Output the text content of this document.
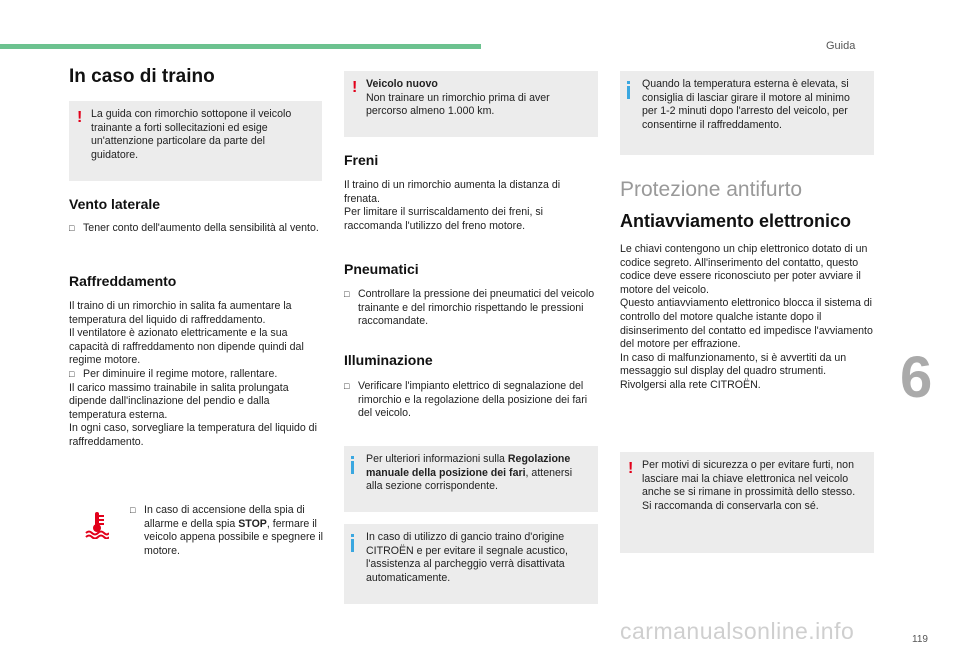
Guida
6
119
carmanualsonline.info
In caso di traino
! La guida con rimorchio sottopone il veicolo trainante a forti sollecitazioni ed esige un'attenzione particolare da parte del guidatore.
Vento laterale
□ Tener conto dell'aumento della sensibilità al vento.
Raffreddamento

Il traino di un rimorchio in salita fa aumentare la temperatura del liquido di raffreddamento.

Il ventilatore è azionato elettricamente e la sua capacità di raffreddamento non dipende quindi dal regime motore.

□ Per diminuire il regime motore, rallentare.

Il carico massimo trainabile in salita prolungata dipende dall'inclinazione del pendio e dalla temperatura esterna.

In ogni caso, sorvegliare la temperatura del liquido di raffreddamento.

□ In caso di accensione della spia di allarme e della spia STOP, fermare il veicolo appena possibile e spegnere il motore.
! Veicolo nuovo
Non trainare un rimorchio prima di aver percorso almeno 1.000 km.
Freni

Il traino di un rimorchio aumenta la distanza di frenata.

Per limitare il surriscaldamento dei freni, si raccomanda l'utilizzo del freno motore.

Pneumatici
□ Controllare la pressione dei pneumatici del veicolo trainante e del rimorchio rispettando le pressioni raccomandate.
Illuminazione
□ Verificare l'impianto elettrico di segnalazione del rimorchio e la regolazione della posizione dei fari del veicolo.
Per ulteriori informazioni sulla Regolazione manuale della posizione dei fari, attenersi alla sezione corrispondente.
In caso di utilizzo di gancio traino d'origine CITROËN e per evitare il segnale acustico, l'assistenza al parcheggio verrà disattivata automaticamente.
Quando la temperatura esterna è elevata, si consiglia di lasciar girare il motore al minimo per 1-2 minuti dopo l'arresto del veicolo, per consentirne il raffreddamento.
Protezione antifurto
Antiavviamento elettronico

Le chiavi contengono un chip elettronico dotato di un codice segreto. All'inserimento del contatto, questo codice deve essere riconosciuto per poter avviare il motore del veicolo.

Questo antiavviamento elettronico blocca il sistema di controllo del motore qualche istante dopo il disinserimento del contatto ed impedisce l'avviamento del motore per effrazione.

In caso di malfunzionamento, si è avvertiti da un messaggio sul display del quadro strumenti. Rivolgersi alla rete CITROËN.

! Per motivi di sicurezza o per evitare furti, non lasciare mai la chiave elettronica nel veicolo anche se si rimane in prossimità dello stesso.
Si raccomanda di conservarla con sé.
